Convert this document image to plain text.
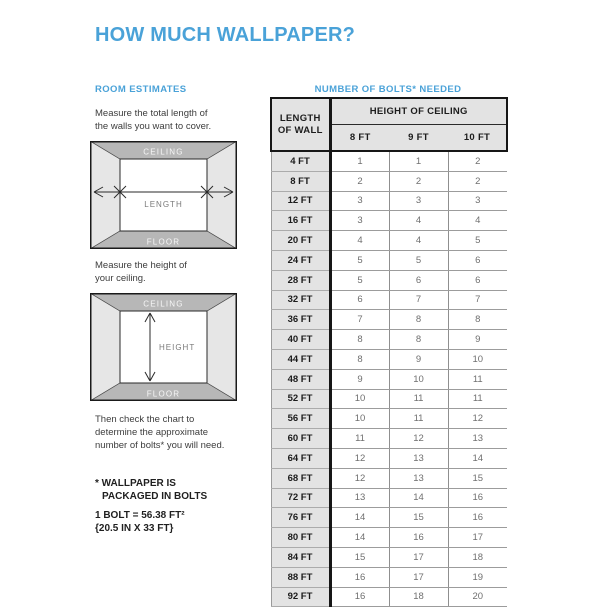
HOW MUCH WALLPAPER?
ROOM ESTIMATES
Measure the total length of
the walls you want to cover.
CEILING
FLOOR
LENGTH
Measure the height of
your ceiling.
CEILING
FLOOR
HEIGHT
Then check the chart to
determine the approximate
number of bolts* you will need.
* WALLPAPER IS
PACKAGED IN BOLTS
1 BOLT = 56.38 FT²
{20.5 IN X 33 FT}
NUMBER OF BOLTS* NEEDED
LENGTH
OF WALL	HEIGHT OF CEILING		
	8 FT	9 FT	10 FT
4 FT	1	1	2
8 FT	2	2	2
12 FT	3	3	3
16 FT	3	4	4
20 FT	4	4	5
24 FT	5	5	6
28 FT	5	6	6
32 FT	6	7	7
36 FT	7	8	8
40 FT	8	8	9
44 FT	8	9	10
48 FT	9	10	11
52 FT	10	11	11
56 FT	10	11	12
60 FT	11	12	13
64 FT	12	13	14
68 FT	12	13	15
72 FT	13	14	16
76 FT	14	15	16
80 FT	14	16	17
84 FT	15	17	18
88 FT	16	17	19
92 FT	16	18	20
